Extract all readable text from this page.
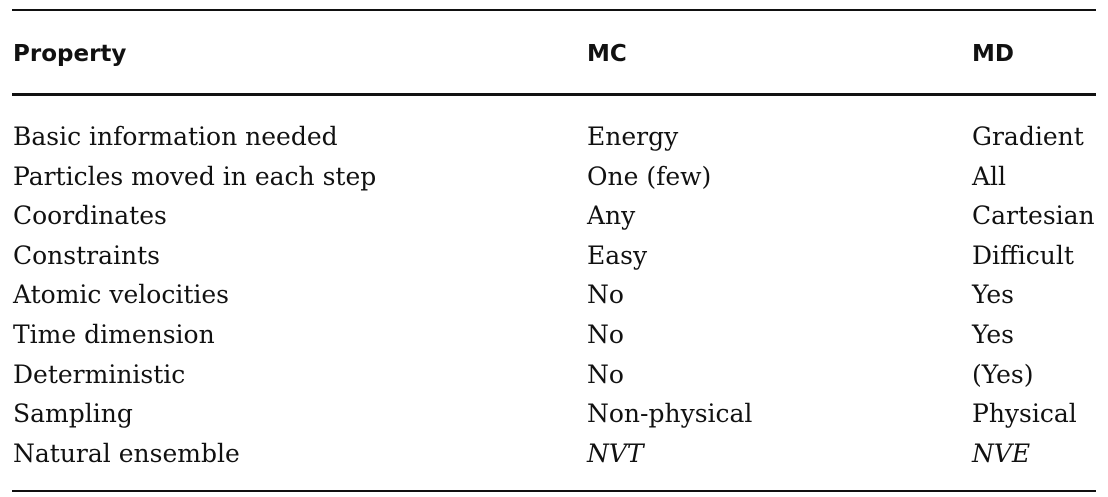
Property	MC	MD
Basic information needed	Energy	Gradient
Particles moved in each step	One (few)	All
Coordinates	Any	Cartesian
Constraints	Easy	Difficult
Atomic velocities	No	Yes
Time dimension	No	Yes
Deterministic	No	(Yes)
Sampling	Non-physical	Physical
Natural ensemble	NVT	NVE
